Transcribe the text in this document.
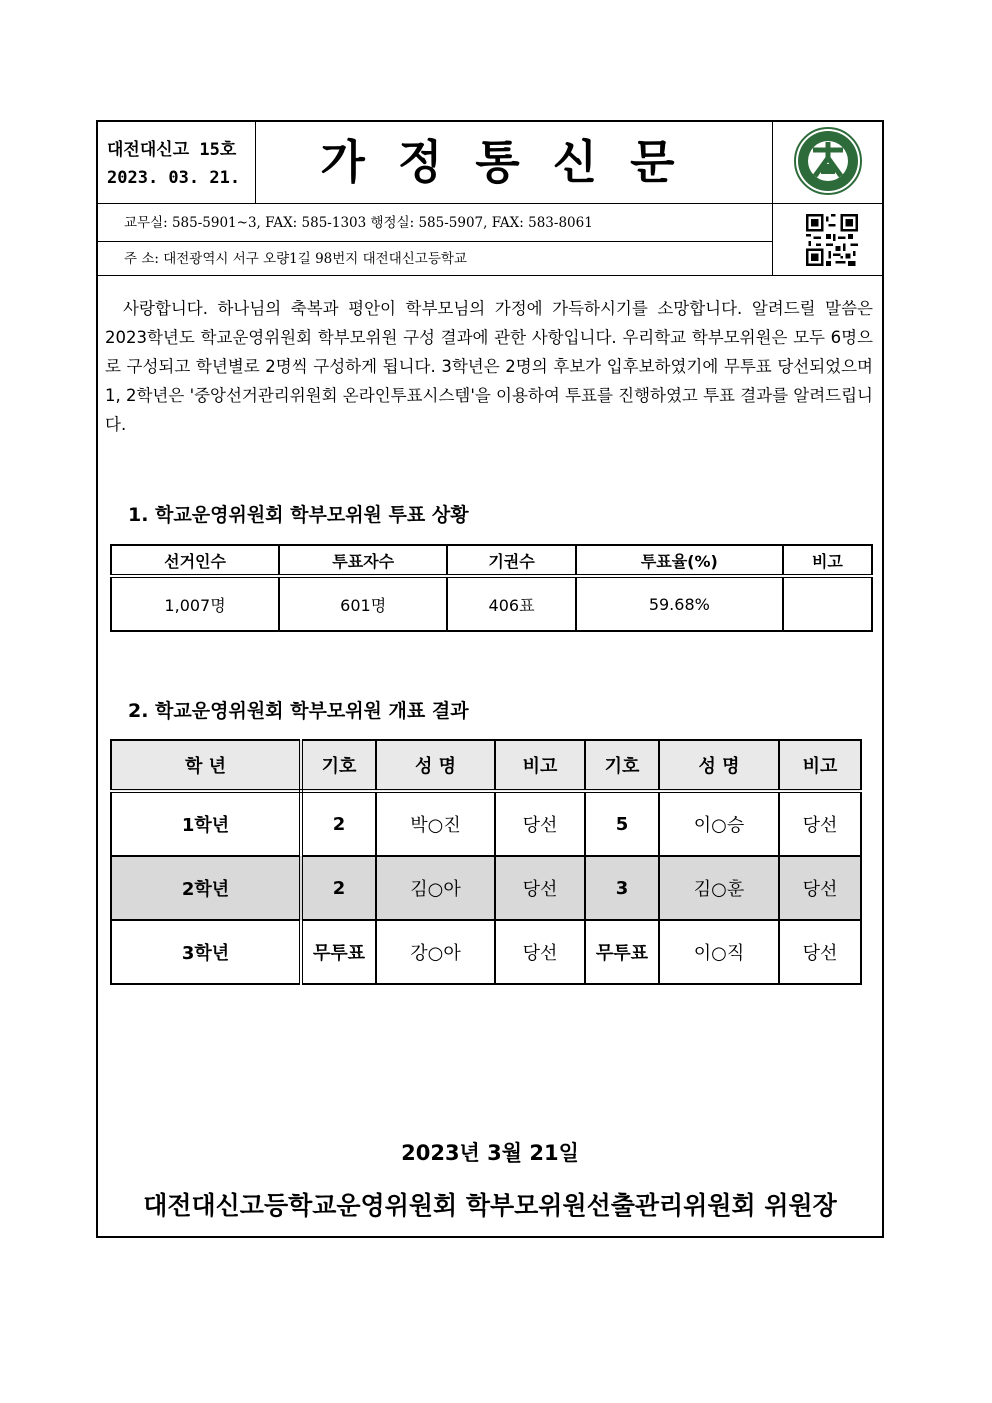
대전대신고 15호
2023. 03. 21.	가정통신문
교무실: 585-5901~3, FAX: 585-1303 행정실: 585-5907, FAX: 583-8061
주 소: 대전광역시 서구 오량1길 98번지 대전대신고등학교

사랑합니다. 하나님의 축복과 평안이 학부모님의 가정에 가득하시기를 소망합니다. 알려드릴 말씀은 2023학년도 학교운영위원회 학부모위원 구성 결과에 관한 사항입니다. 우리학교 학부모위원은 모두 6명으로 구성되고 학년별로 2명씩 구성하게 됩니다. 3학년은 2명의 후보가 입후보하였기에 무투표 당선되었으며 1, 2학년은 '중앙선거관리위원회 온라인투표시스템'을 이용하여 투표를 진행하였고 투표 결과를 알려드립니다.

1. 학교운영위원회 학부모위원 투표 상황
선거인수	투표자수	기권수	투표율(%)	비고
1,007명	601명	406표	59.68%	
2. 학교운영위원회 학부모위원 개표 결과
학 년	기호	성 명	비고	기호	성 명	비고
1학년	2	박○진	당선	5	이○승	당선
2학년	2	김○아	당선	3	김○훈	당선
3학년	무투표	강○아	당선	무투표	이○직	당선
2023년 3월 21일
대전대신고등학교운영위원회 학부모위원선출관리위원회 위원장
